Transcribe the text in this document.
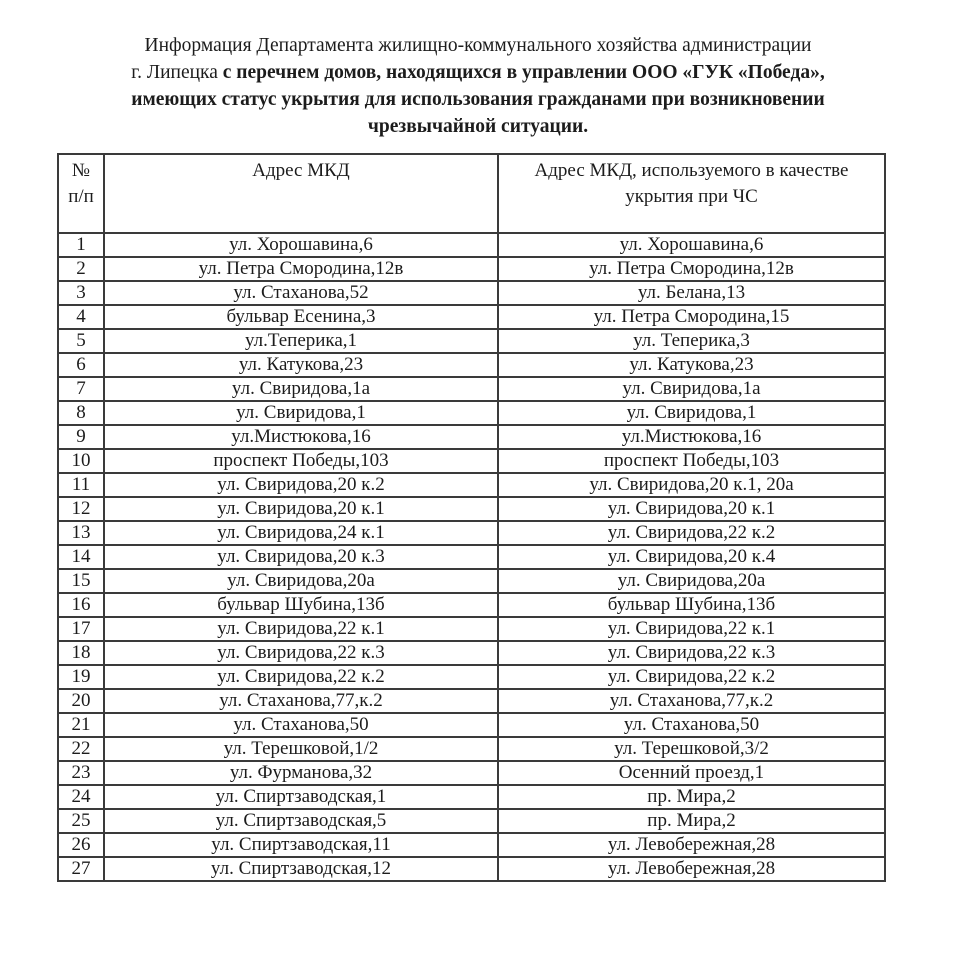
Информация Департамента жилищно-коммунального хозяйства администрации
г. Липецка с перечнем домов, находящихся в управлении ООО «ГУК «Победа»,
имеющих статус укрытия для использования гражданами при возникновении
чрезвычайной ситуации.
№ п/п	Адрес МКД	Адрес МКД, используемого в качестве укрытия при ЧС
1	ул. Хорошавина,6	ул. Хорошавина,6
2	ул. Петра Смородина,12в	ул. Петра Смородина,12в
3	ул. Стаханова,52	ул. Белана,13
4	бульвар Есенина,3	ул. Петра Смородина,15
5	ул.Теперика,1	ул. Теперика,3
6	ул. Катукова,23	ул. Катукова,23
7	ул. Свиридова,1а	ул. Свиридова,1а
8	ул. Свиридова,1	ул. Свиридова,1
9	ул.Мистюкова,16	ул.Мистюкова,16
10	проспект Победы,103	проспект Победы,103
11	ул. Свиридова,20 к.2	ул. Свиридова,20 к.1, 20а
12	ул. Свиридова,20 к.1	ул. Свиридова,20 к.1
13	ул. Свиридова,24 к.1	ул. Свиридова,22 к.2
14	ул. Свиридова,20 к.3	ул. Свиридова,20 к.4
15	ул. Свиридова,20а	ул. Свиридова,20а
16	бульвар Шубина,13б	бульвар Шубина,13б
17	ул. Свиридова,22 к.1	ул. Свиридова,22 к.1
18	ул. Свиридова,22 к.3	ул. Свиридова,22 к.3
19	ул. Свиридова,22 к.2	ул. Свиридова,22 к.2
20	ул. Стаханова,77,к.2	ул. Стаханова,77,к.2
21	ул. Стаханова,50	ул. Стаханова,50
22	ул. Терешковой,1/2	ул. Терешковой,3/2
23	ул. Фурманова,32	Осенний проезд,1
24	ул. Спиртзаводская,1	пр. Мира,2
25	ул. Спиртзаводская,5	пр. Мира,2
26	ул. Спиртзаводская,11	ул. Левобережная,28
27	ул. Спиртзаводская,12	ул. Левобережная,28
